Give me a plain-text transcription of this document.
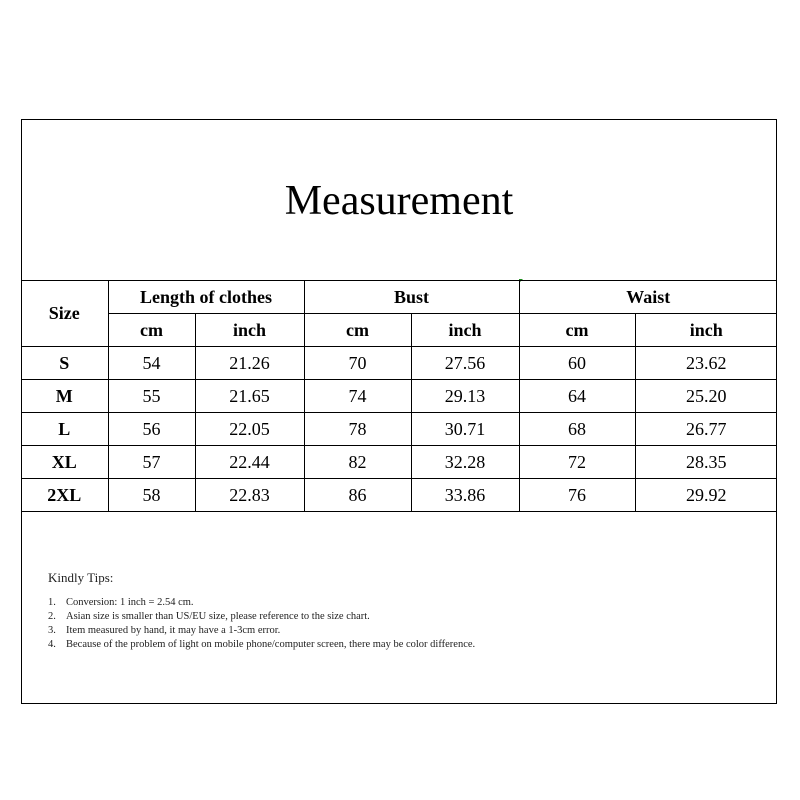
Measurement
Size	Length of clothes		Bust		Waist	
	cm	inch	cm	inch	cm	inch
S	54	21.26	70	27.56	60	23.62
M	55	21.65	74	29.13	64	25.20
L	56	22.05	78	30.71	68	26.77
XL	57	22.44	82	32.28	72	28.35
2XL	58	22.83	86	33.86	76	29.92
Kindly Tips:
1. Conversion: 1 inch = 2.54 cm.
2. Asian size is smaller than US/EU size, please reference to the size chart.
3. Item measured by hand, it may have a 1-3cm error.
4. Because of the problem of light on mobile phone/computer screen, there may be color difference.
